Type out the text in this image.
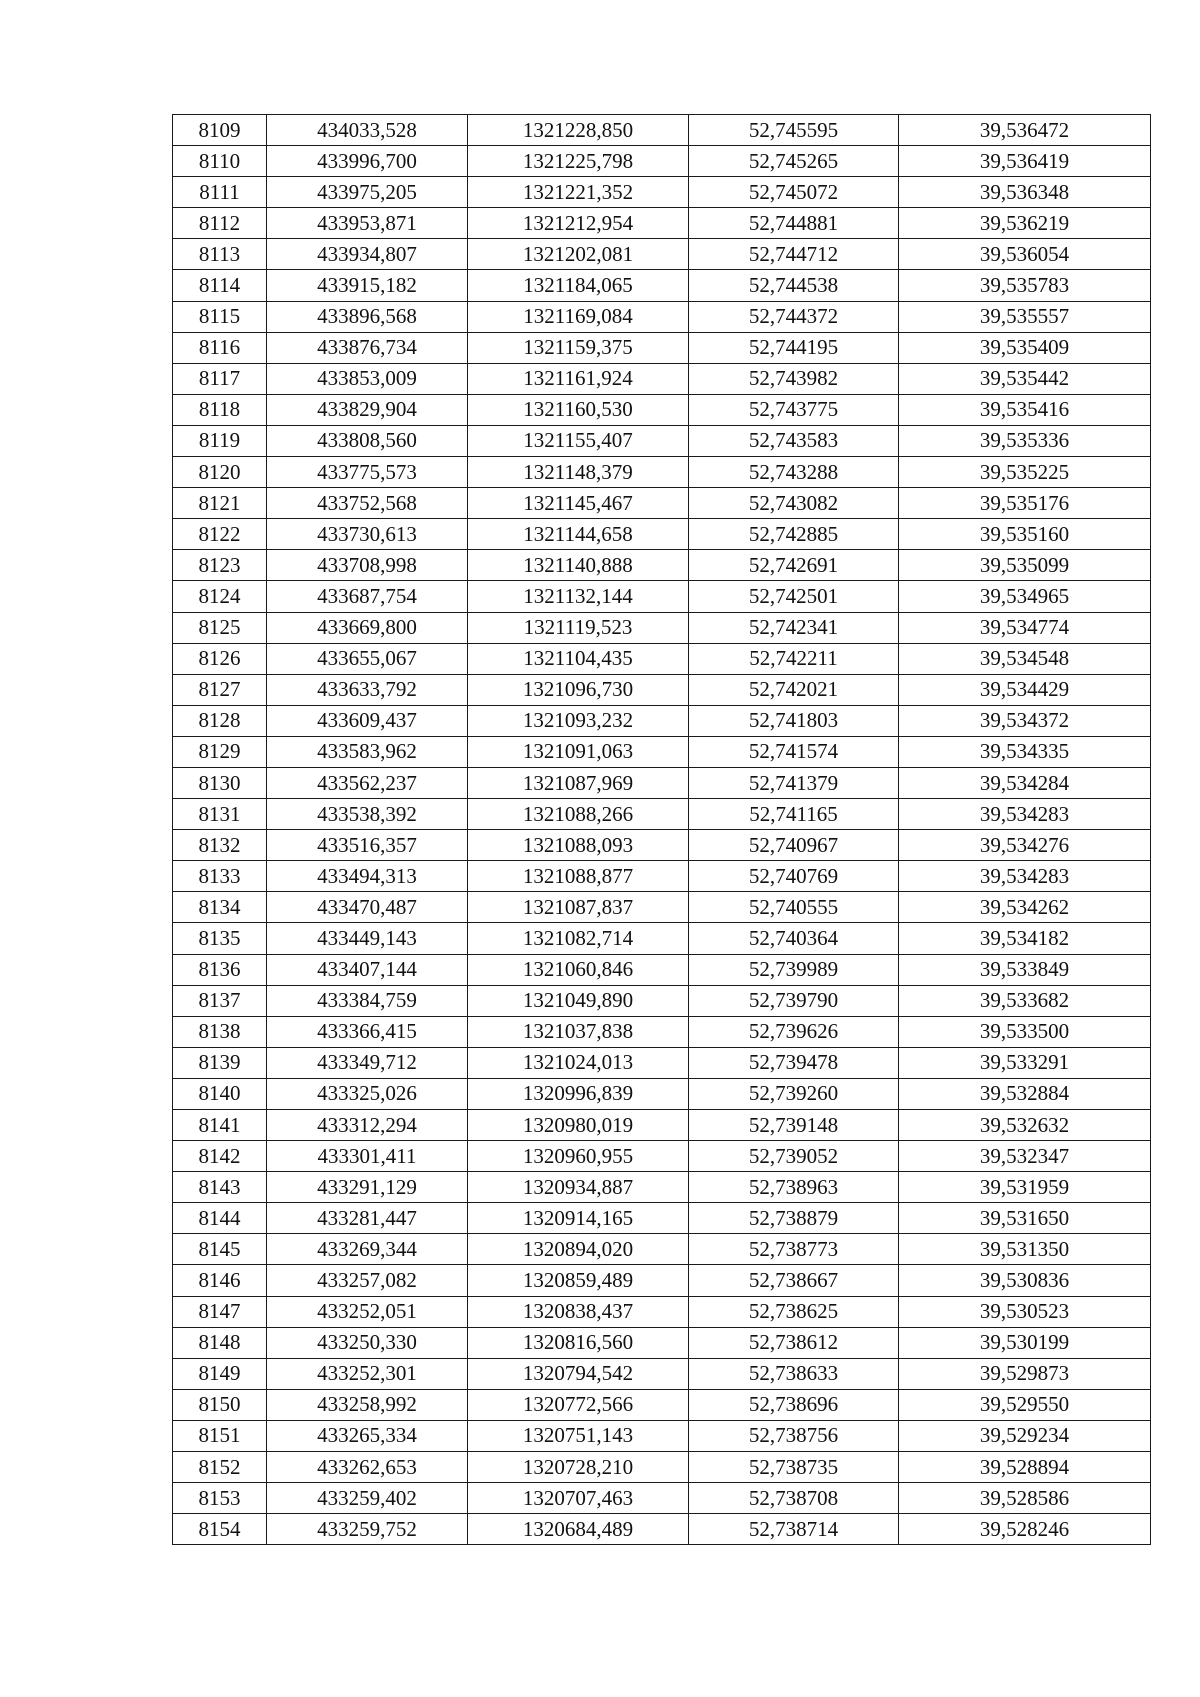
8109	434033,528	1321228,850	52,745595	39,536472
8110	433996,700	1321225,798	52,745265	39,536419
8111	433975,205	1321221,352	52,745072	39,536348
8112	433953,871	1321212,954	52,744881	39,536219
8113	433934,807	1321202,081	52,744712	39,536054
8114	433915,182	1321184,065	52,744538	39,535783
8115	433896,568	1321169,084	52,744372	39,535557
8116	433876,734	1321159,375	52,744195	39,535409
8117	433853,009	1321161,924	52,743982	39,535442
8118	433829,904	1321160,530	52,743775	39,535416
8119	433808,560	1321155,407	52,743583	39,535336
8120	433775,573	1321148,379	52,743288	39,535225
8121	433752,568	1321145,467	52,743082	39,535176
8122	433730,613	1321144,658	52,742885	39,535160
8123	433708,998	1321140,888	52,742691	39,535099
8124	433687,754	1321132,144	52,742501	39,534965
8125	433669,800	1321119,523	52,742341	39,534774
8126	433655,067	1321104,435	52,742211	39,534548
8127	433633,792	1321096,730	52,742021	39,534429
8128	433609,437	1321093,232	52,741803	39,534372
8129	433583,962	1321091,063	52,741574	39,534335
8130	433562,237	1321087,969	52,741379	39,534284
8131	433538,392	1321088,266	52,741165	39,534283
8132	433516,357	1321088,093	52,740967	39,534276
8133	433494,313	1321088,877	52,740769	39,534283
8134	433470,487	1321087,837	52,740555	39,534262
8135	433449,143	1321082,714	52,740364	39,534182
8136	433407,144	1321060,846	52,739989	39,533849
8137	433384,759	1321049,890	52,739790	39,533682
8138	433366,415	1321037,838	52,739626	39,533500
8139	433349,712	1321024,013	52,739478	39,533291
8140	433325,026	1320996,839	52,739260	39,532884
8141	433312,294	1320980,019	52,739148	39,532632
8142	433301,411	1320960,955	52,739052	39,532347
8143	433291,129	1320934,887	52,738963	39,531959
8144	433281,447	1320914,165	52,738879	39,531650
8145	433269,344	1320894,020	52,738773	39,531350
8146	433257,082	1320859,489	52,738667	39,530836
8147	433252,051	1320838,437	52,738625	39,530523
8148	433250,330	1320816,560	52,738612	39,530199
8149	433252,301	1320794,542	52,738633	39,529873
8150	433258,992	1320772,566	52,738696	39,529550
8151	433265,334	1320751,143	52,738756	39,529234
8152	433262,653	1320728,210	52,738735	39,528894
8153	433259,402	1320707,463	52,738708	39,528586
8154	433259,752	1320684,489	52,738714	39,528246
